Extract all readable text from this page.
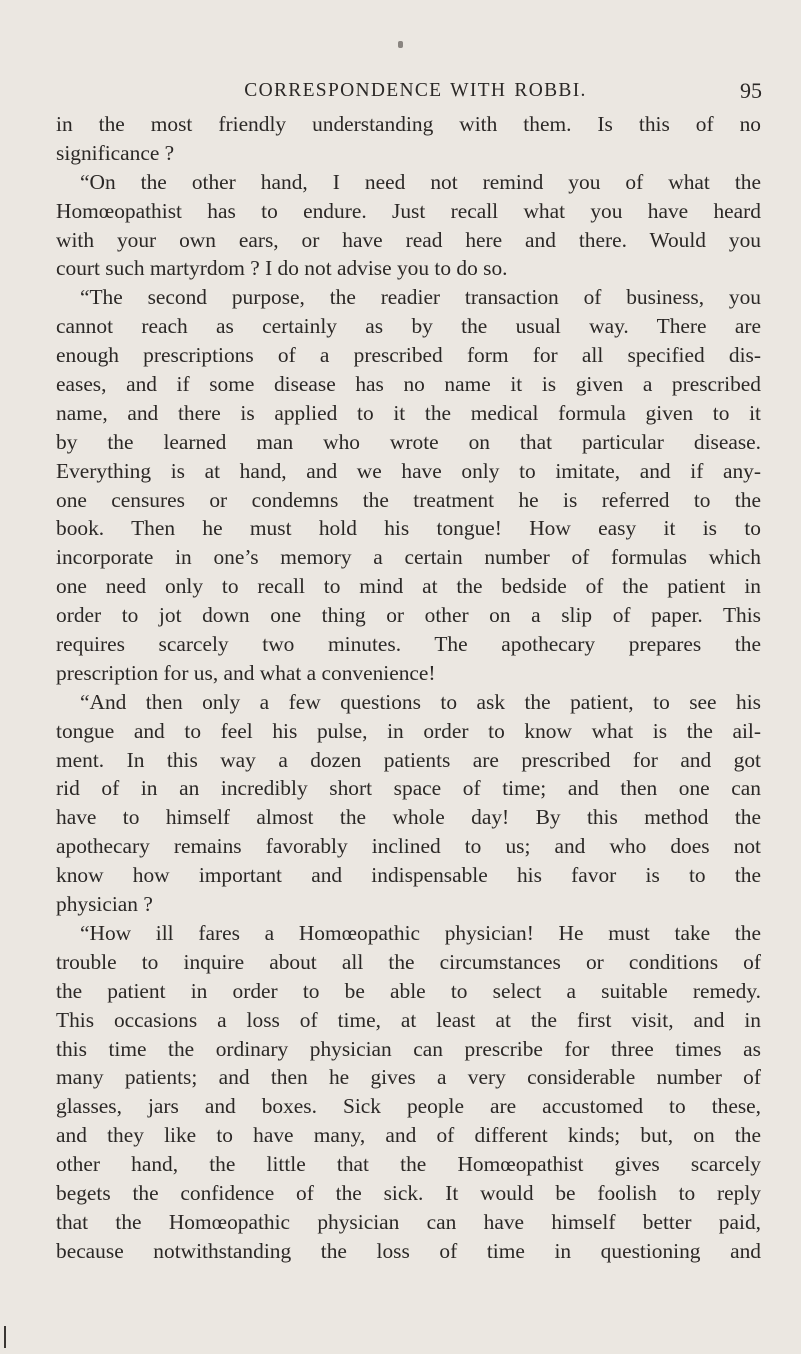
CORRESPONDENCE WITH ROBBI.	95
in the most friendly understanding with them. Is this of no
significance ?
“On the other hand, I need not remind you of what the
Homœopathist has to endure. Just recall what you have heard
with your own ears, or have read here and there. Would you
court such martyrdom ? I do not advise you to do so.
“The second purpose, the readier transaction of business, you
cannot reach as certainly as by the usual way. There are
enough prescriptions of a prescribed form for all specified dis-
eases, and if some disease has no name it is given a prescribed
name, and there is applied to it the medical formula given to it
by the learned man who wrote on that particular disease.
Everything is at hand, and we have only to imitate, and if any-
one censures or condemns the treatment he is referred to the
book. Then he must hold his tongue! How easy it is to
incorporate in one’s memory a certain number of formulas which
one need only to recall to mind at the bedside of the patient in
order to jot down one thing or other on a slip of paper. This
requires scarcely two minutes. The apothecary prepares the
prescription for us, and what a convenience!
“And then only a few questions to ask the patient, to see his
tongue and to feel his pulse, in order to know what is the ail-
ment. In this way a dozen patients are prescribed for and got
rid of in an incredibly short space of time; and then one can
have to himself almost the whole day! By this method the
apothecary remains favorably inclined to us; and who does not
know how important and indispensable his favor is to the
physician ?
“How ill fares a Homœopathic physician! He must take the
trouble to inquire about all the circumstances or conditions of
the patient in order to be able to select a suitable remedy.
This occasions a loss of time, at least at the first visit, and in
this time the ordinary physician can prescribe for three times as
many patients; and then he gives a very considerable number of
glasses, jars and boxes. Sick people are accustomed to these,
and they like to have many, and of different kinds; but, on the
other hand, the little that the Homœopathist gives scarcely
begets the confidence of the sick. It would be foolish to reply
that the Homœopathic physician can have himself better paid,
because notwithstanding the loss of time in questioning and
